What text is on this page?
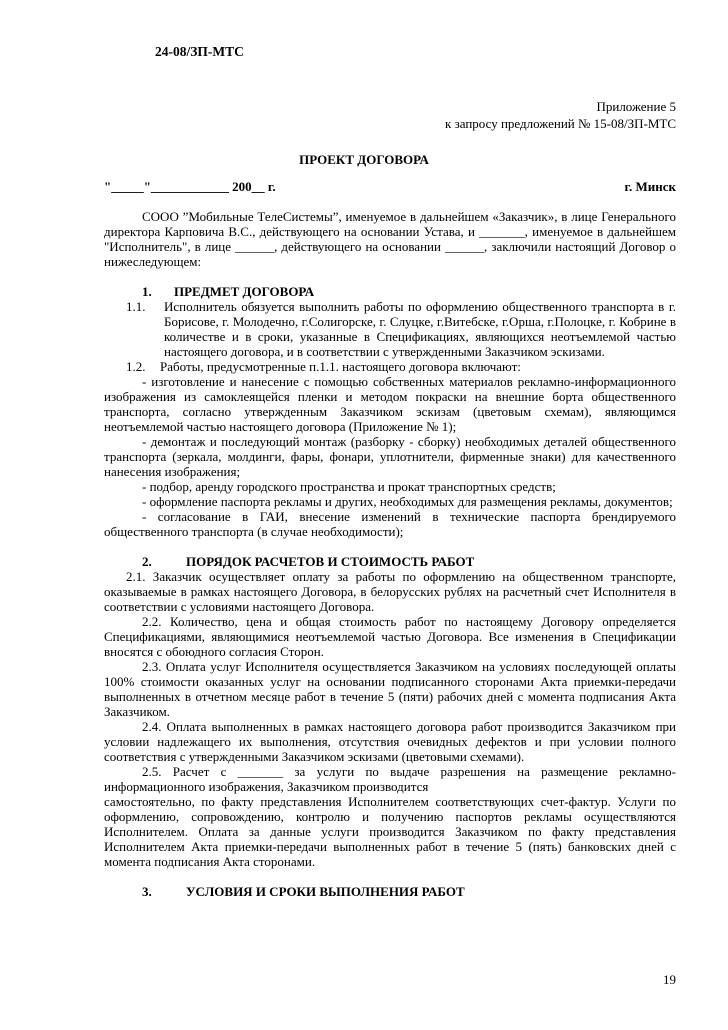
24-08/ЗП-МТС
Приложение 5
к запросу предложений № 15-08/ЗП-МТС
ПРОЕКТ ДОГОВОРА
"_____"____________ 200__ г.	г. Минск

СООО ”Мобильные ТелеСистемы”, именуемое в дальнейшем «Заказчик», в лице Генерального директора Карповича В.С., действующего на основании Устава, и _______, именуемое в дальнейшем "Исполнитель", в лице ______, действующего на основании ______, заключили настоящий Договор о нижеследующем:

1.	ПРЕДМЕТ ДОГОВОРА
1.1.	Исполнитель обязуется выполнить работы по оформлению общественного транспорта в г. Борисове, г. Молодечно, г.Солигорске, г. Слуцке, г.Витебске, г.Орша, г.Полоцке, г. Кобрине в количестве и в сроки, указанные в Спецификациях, являющихся неотъемлемой частью настоящего договора, и в соответствии с утвержденными Заказчиком эскизами.
1.2.	Работы, предусмотренные п.1.1. настоящего договора включают:

- изготовление и нанесение с помощью собственных материалов рекламно-информационного изображения из самоклеящейся пленки и методом покраски на внешние борта общественного транспорта, согласно утвержденным Заказчиком эскизам (цветовым схемам), являющимся неотъемлемой частью настоящего договора (Приложение № 1);

- демонтаж и последующий монтаж (разборку - сборку) необходимых деталей общественного транспорта (зеркала, молдинги, фары, фонари, уплотнители, фирменные знаки) для качественного нанесения изображения;

- подбор, аренду городского пространства и прокат транспортных средств;

- оформление паспорта рекламы и других, необходимых для размещения рекламы, документов;

- согласование в ГАИ, внесение изменений в технические паспорта брендируемого общественного транспорта (в случае необходимости);

2.	ПОРЯДОК РАСЧЕТОВ И СТОИМОСТЬ РАБОТ

2.1. Заказчик осуществляет оплату за работы по оформлению на общественном транспорте, оказываемые в рамках настоящего Договора, в белорусских рублях на расчетный счет Исполнителя в соответствии с условиями настоящего Договора.

2.2. Количество, цена и общая стоимость работ по настоящему Договору определяется Спецификациями, являющимися неотъемлемой частью Договора. Все изменения в Спецификации вносятся с обоюдного согласия Сторон.

2.3. Оплата услуг Исполнителя осуществляется Заказчиком на условиях последующей оплаты 100% стоимости оказанных услуг на основании подписанного сторонами Акта приемки-передачи выполненных в отчетном месяце работ в течение 5 (пяти) рабочих дней с момента подписания Акта Заказчиком.

2.4. Оплата выполненных в рамках настоящего договора работ производится Заказчиком при условии надлежащего их выполнения, отсутствия очевидных дефектов и при условии полного соответствия с утвержденными Заказчиком эскизами (цветовыми схемами).

2.5. Расчет с _______ за услуги по выдаче разрешения на размещение рекламно-информационного изображения, Заказчиком производится

самостоятельно, по факту представления Исполнителем соответствующих счет-фактур. Услуги по оформлению, сопровождению, контролю и получению паспортов рекламы осуществляются Исполнителем. Оплата за данные услуги производится Заказчиком по факту представления Исполнителем Акта приемки-передачи выполненных работ в течение 5 (пять) банковских дней с момента подписания Акта сторонами.

3.	УСЛОВИЯ И СРОКИ ВЫПОЛНЕНИЯ РАБОТ
19
